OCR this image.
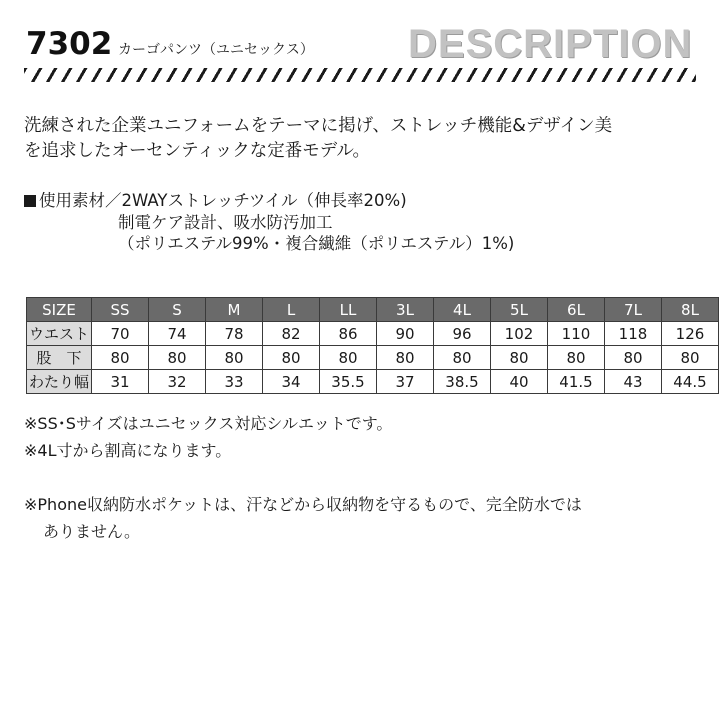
7302 カーゴパンツ（ユニセックス） DESCRIPTION
洗練された企業ユニフォームをテーマに掲げ、ストレッチ機能&デザイン美
を追求したオーセンティックな定番モデル。
使用素材／2WAYストレッチツイル（伸長率20%)
制電ケア設計、吸水防汚加工
（ポリエステル99%・複合繊維（ポリエステル）1%)
SIZE	SS	S	M	L	LL	3L	4L	5L	6L	7L	8L
ウエスト	70	74	78	82	86	90	96	102	110	118	126
股　下	80	80	80	80	80	80	80	80	80	80	80
わたり幅	31	32	33	34	35.5	37	38.5	40	41.5	43	44.5
※SS･Sサイズはユニセックス対応シルエットです。
※4L寸から割高になります。
※Phone収納防水ポケットは、汗などから収納物を守るもので、完全防水では
ありません。
